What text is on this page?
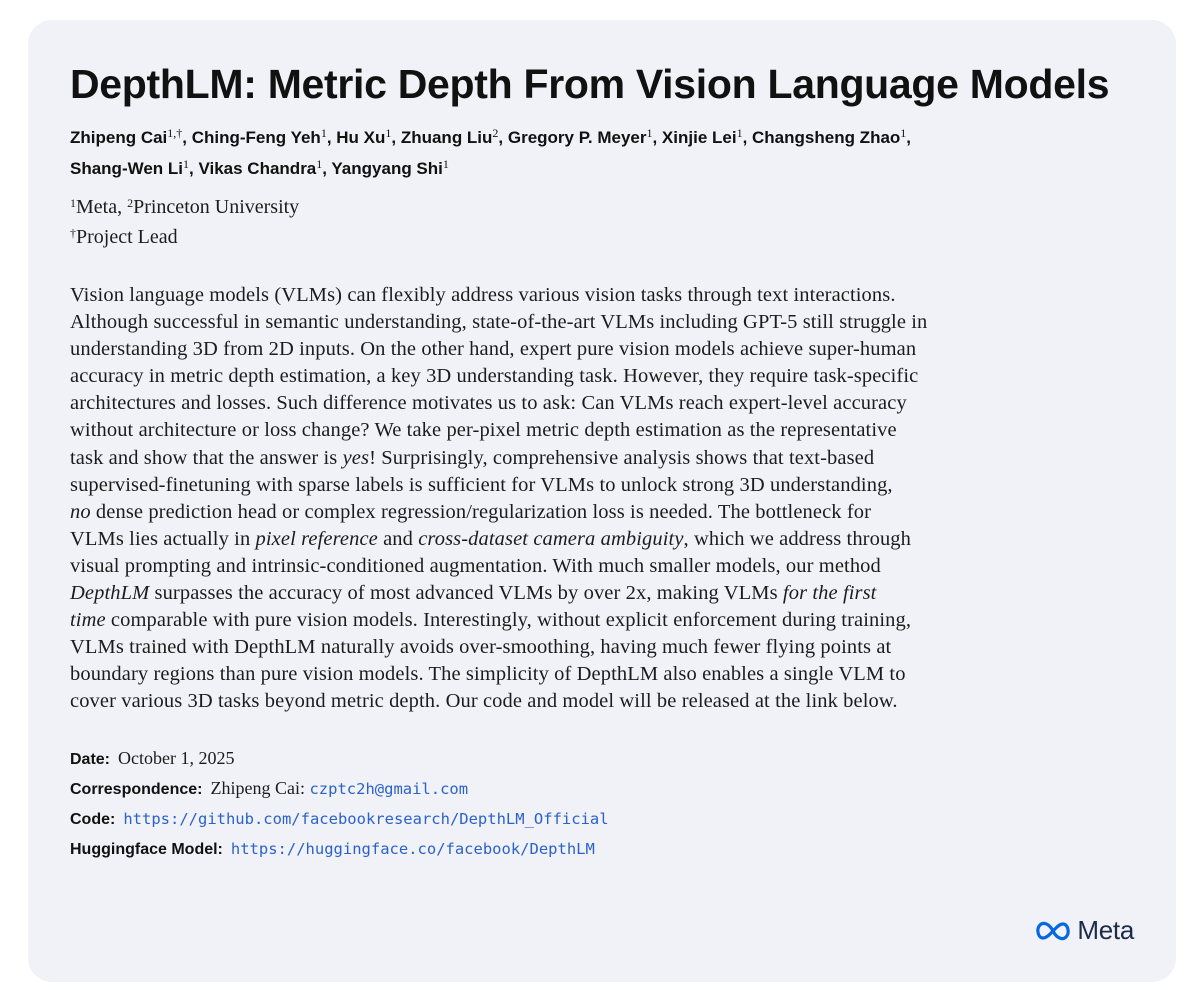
DepthLM: Metric Depth From Vision Language Models
Zhipeng Cai$^{1,\dagger}$, Ching-Feng Yeh$^1$, Hu Xu$^1$, Zhuang Liu$^2$, Gregory P. Meyer$^1$, Xinjie Lei$^1$, Changsheng Zhao$^1$,
Shang-Wen Li$^1$, Vikas Chandra$^1$, Yangyang Shi$^1$
$^1$Meta, $^2$Princeton University
†Project Lead
Vision language models (VLMs) can flexibly address various vision tasks through text interactions.
Although successful in semantic understanding, state-of-the-art VLMs including GPT-5 still struggle in
understanding 3D from 2D inputs. On the other hand, expert pure vision models achieve super-human
accuracy in metric depth estimation, a key 3D understanding task. However, they require task-specific
architectures and losses. Such difference motivates us to ask: Can VLMs reach expert-level accuracy
without architecture or loss change? We take per-pixel metric depth estimation as the representative
task and show that the answer is yes! Surprisingly, comprehensive analysis shows that text-based
supervised-finetuning with sparse labels is sufficient for VLMs to unlock strong 3D understanding,
no dense prediction head or complex regression/regularization loss is needed. The bottleneck for
VLMs lies actually in pixel reference and cross-dataset camera ambiguity, which we address through
visual prompting and intrinsic-conditioned augmentation. With much smaller models, our method
DepthLM surpasses the accuracy of most advanced VLMs by over 2x, making VLMs for the first
time comparable with pure vision models. Interestingly, without explicit enforcement during training,
VLMs trained with DepthLM naturally avoids over-smoothing, having much fewer flying points at
boundary regions than pure vision models. The simplicity of DepthLM also enables a single VLM to
cover various 3D tasks beyond metric depth. Our code and model will be released at the link below.
Date: October 1, 2025
Correspondence: Zhipeng Cai: czptc2h@gmail.com
Code: https://github.com/facebookresearch/DepthLM_Official
Huggingface Model: https://huggingface.co/facebook/DepthLM
Meta
